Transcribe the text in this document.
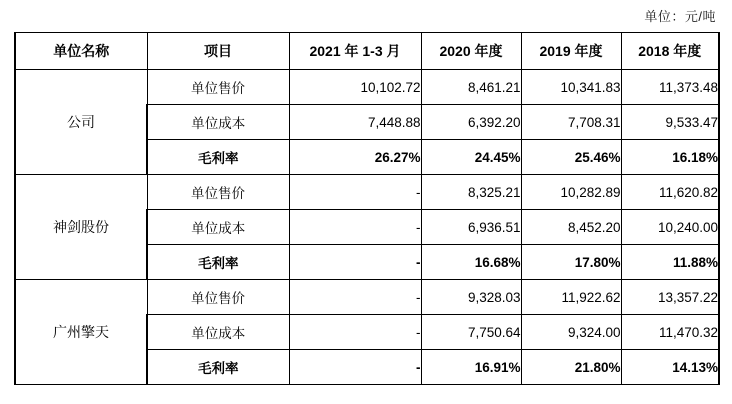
单位：元/吨
单位名称	项目	2021 年 1-3 月	2020 年度	2019 年度	2018 年度
公司	单位售价	10,102.72	8,461.21	10,341.83	11,373.48
	单位成本	7,448.88	6,392.20	7,708.31	9,533.47
	毛利率	26.27%	24.45%	25.46%	16.18%
神剑股份	单位售价	-	8,325.21	10,282.89	11,620.82
	单位成本	-	6,936.51	8,452.20	10,240.00
	毛利率	-	16.68%	17.80%	11.88%
广州擎天	单位售价	-	9,328.03	11,922.62	13,357.22
	单位成本	-	7,750.64	9,324.00	11,470.32
	毛利率	-	16.91%	21.80%	14.13%
